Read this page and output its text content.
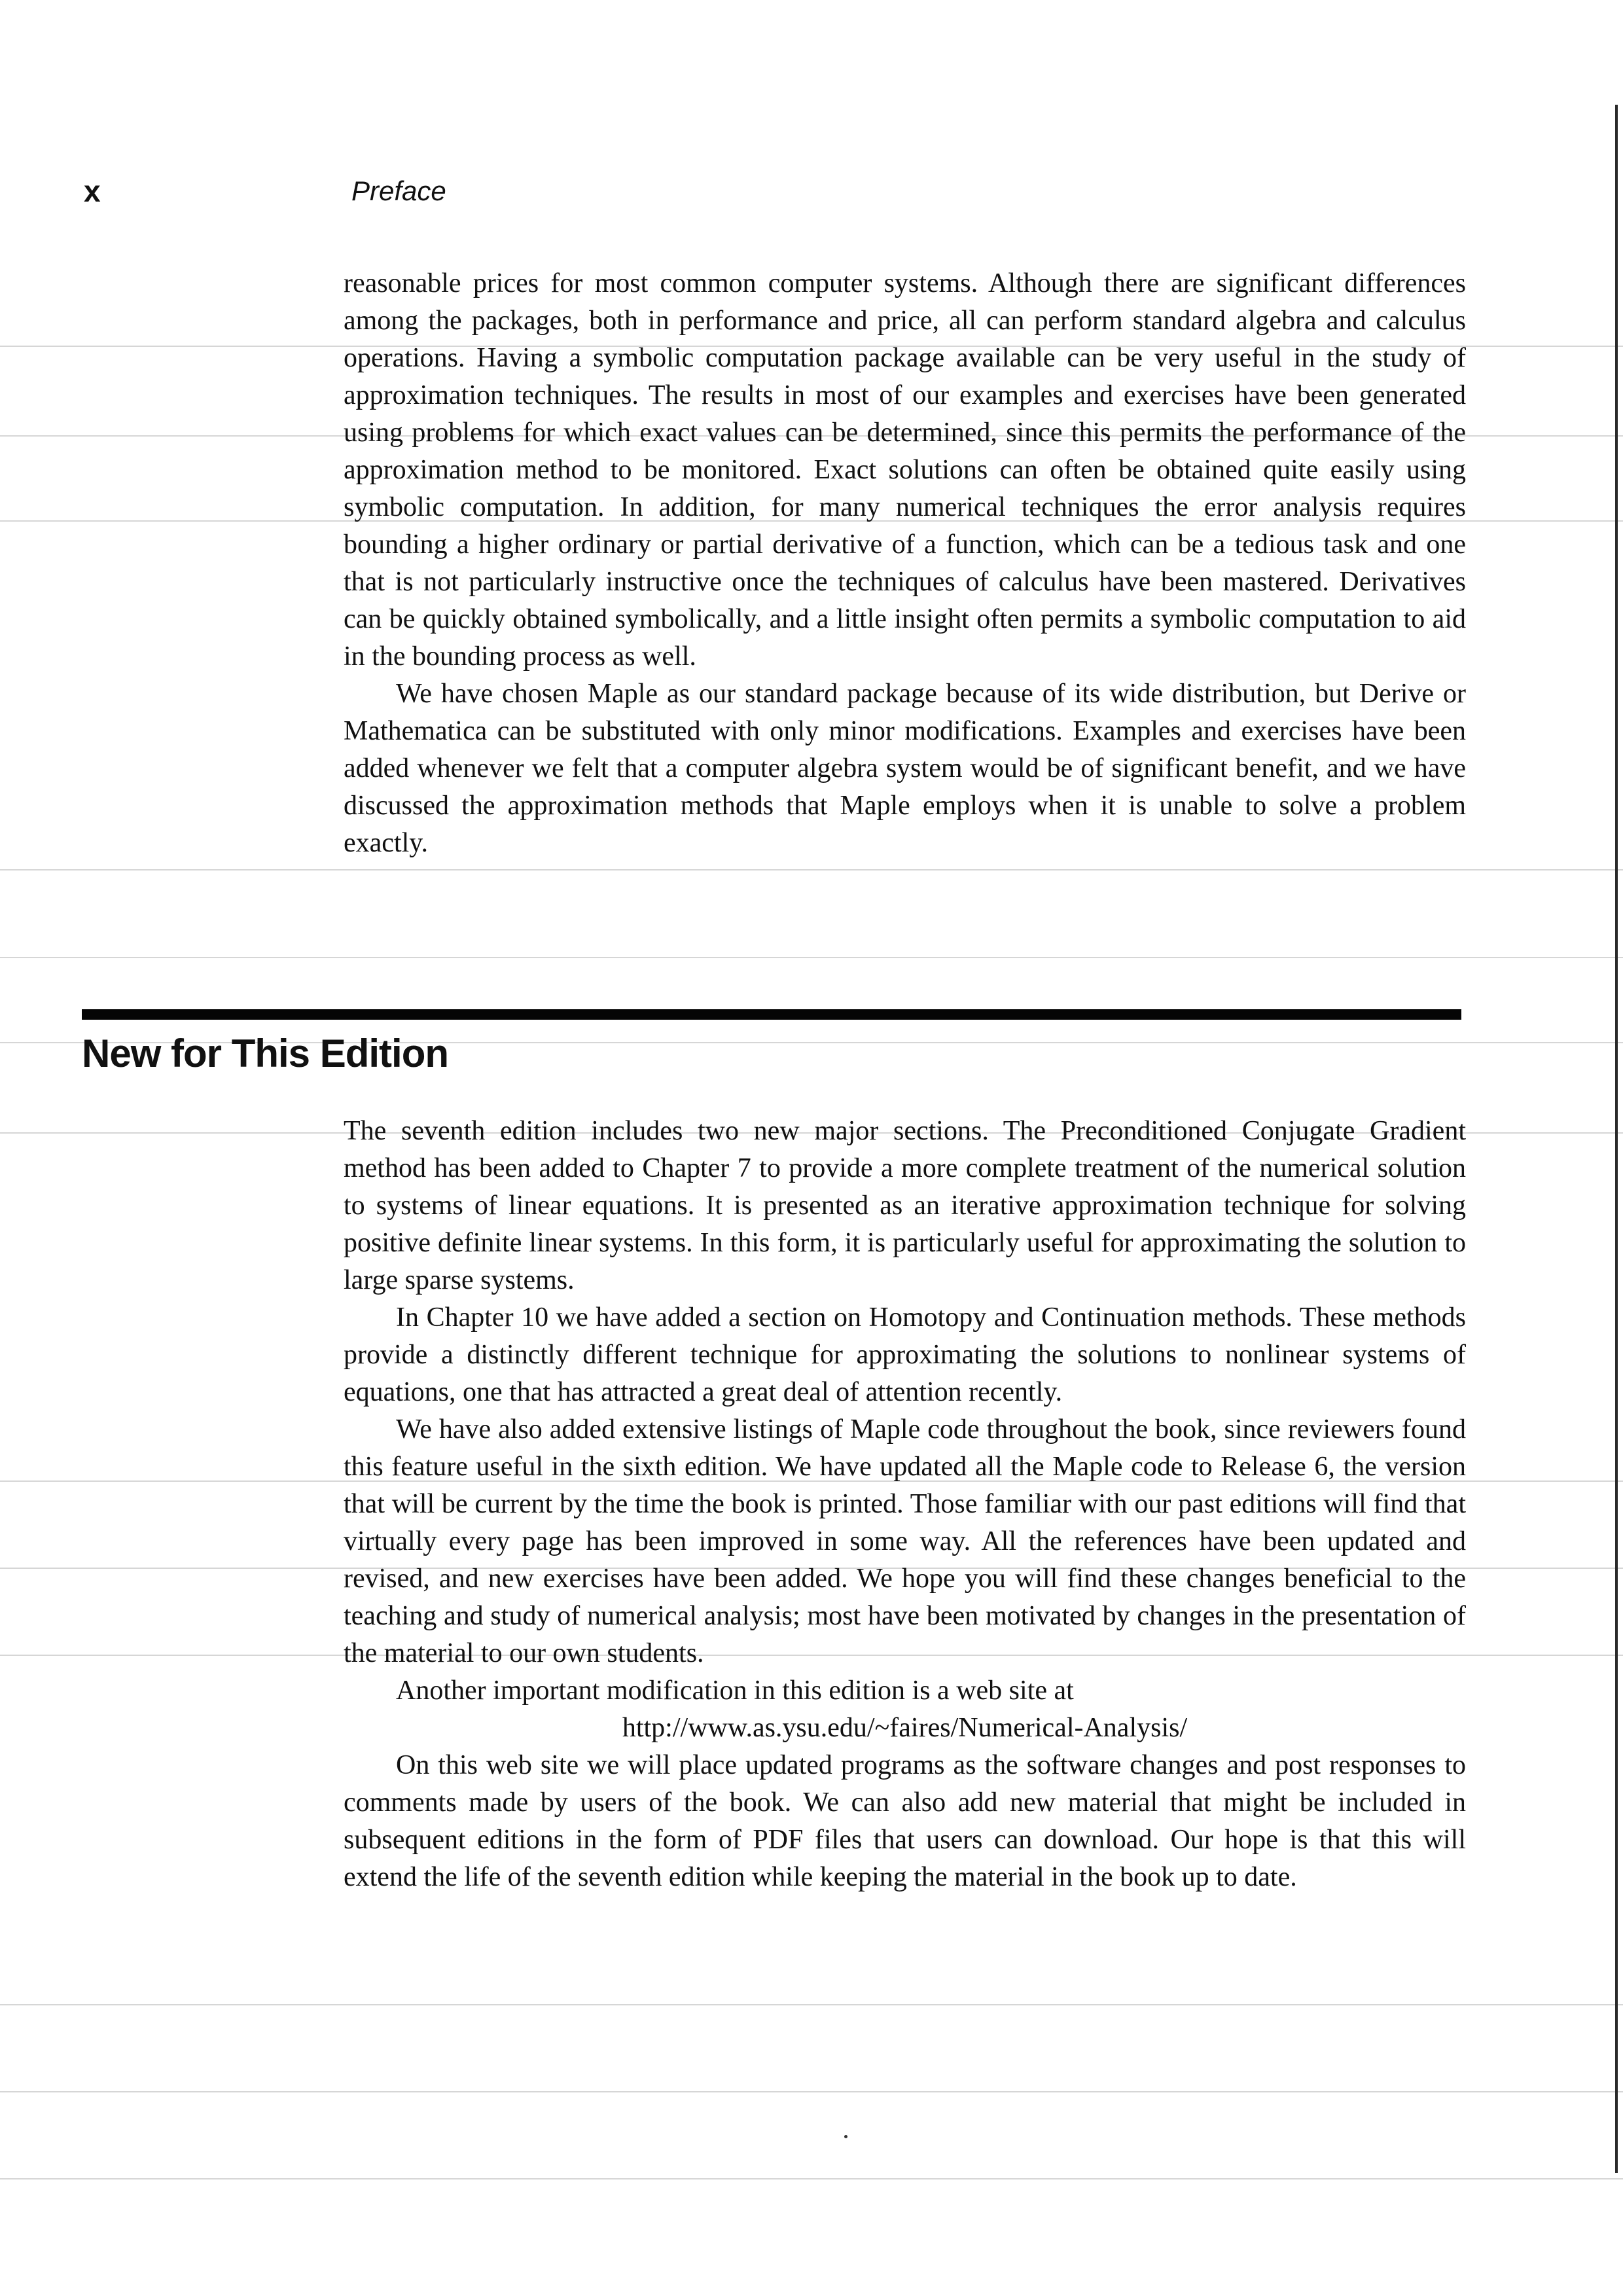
x	Preface

reasonable prices for most common computer systems. Although there are significant differences among the packages, both in performance and price, all can perform standard algebra and calculus operations. Having a symbolic computation package available can be very useful in the study of approximation techniques. The results in most of our examples and exercises have been generated using problems for which exact values can be determined, since this permits the performance of the approximation method to be monitored. Exact solutions can often be obtained quite easily using symbolic computation. In addition, for many numerical techniques the error analysis requires bounding a higher ordinary or partial derivative of a function, which can be a tedious task and one that is not particularly instructive once the techniques of calculus have been mastered. Derivatives can be quickly obtained symbolically, and a little insight often permits a symbolic computation to aid in the bounding process as well.

We have chosen Maple as our standard package because of its wide distribution, but Derive or Mathematica can be substituted with only minor modifications. Examples and exercises have been added whenever we felt that a computer algebra system would be of significant benefit, and we have discussed the approximation methods that Maple employs when it is unable to solve a problem exactly.

New for This Edition

The seventh edition includes two new major sections. The Preconditioned Conjugate Gradient method has been added to Chapter 7 to provide a more complete treatment of the numerical solution to systems of linear equations. It is presented as an iterative approximation technique for solving positive definite linear systems. In this form, it is particularly useful for approximating the solution to large sparse systems.

In Chapter 10 we have added a section on Homotopy and Continuation methods. These methods provide a distinctly different technique for approximating the solutions to nonlinear systems of equations, one that has attracted a great deal of attention recently.

We have also added extensive listings of Maple code throughout the book, since reviewers found this feature useful in the sixth edition. We have updated all the Maple code to Release 6, the version that will be current by the time the book is printed. Those familiar with our past editions will find that virtually every page has been improved in some way. All the references have been updated and revised, and new exercises have been added. We hope you will find these changes beneficial to the teaching and study of numerical analysis; most have been motivated by changes in the presentation of the material to our own students.

Another important modification in this edition is a web site at

http://www.as.ysu.edu/~faires/Numerical-Analysis/

On this web site we will place updated programs as the software changes and post responses to comments made by users of the book. We can also add new material that might be included in subsequent editions in the form of PDF files that users can download. Our hope is that this will extend the life of the seventh edition while keeping the material in the book up to date.
